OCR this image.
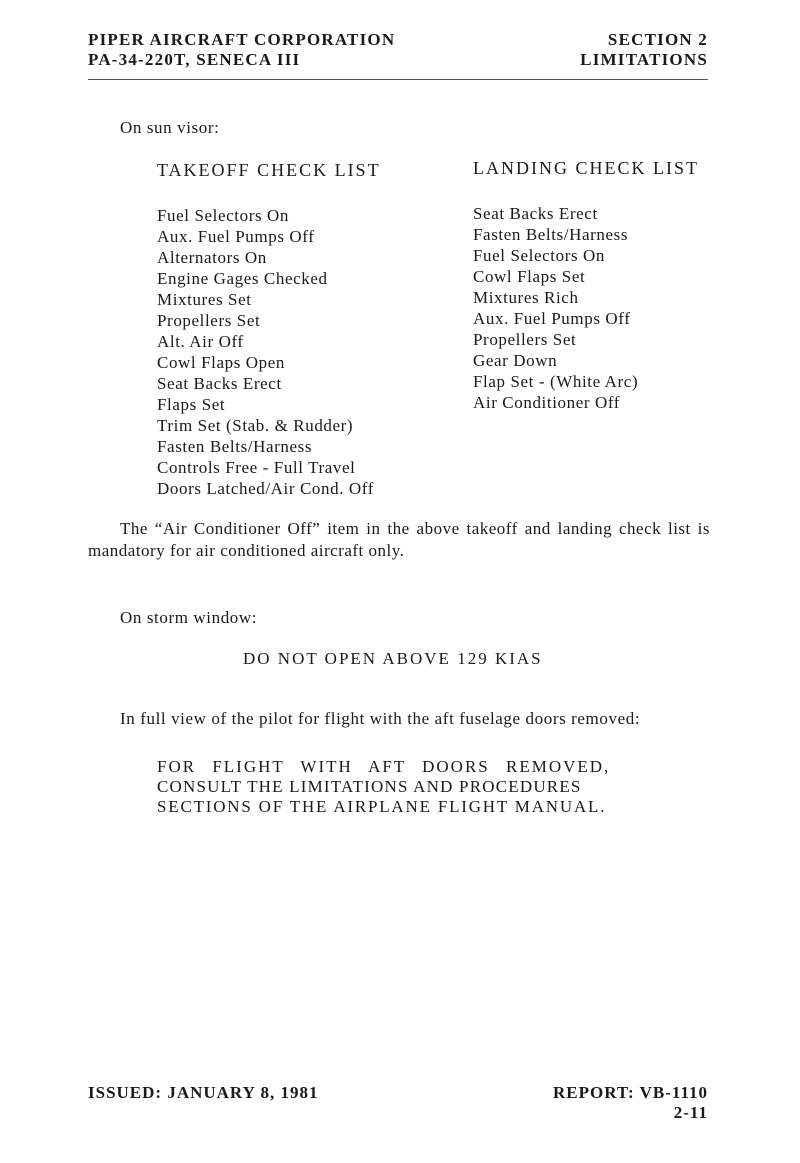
PIPER AIRCRAFT CORPORATION
PA-34-220T, SENECA III
SECTION 2
LIMITATIONS
On sun visor:
TAKEOFF CHECK LIST
Fuel Selectors On
Aux. Fuel Pumps Off
Alternators On
Engine Gages Checked
Mixtures Set
Propellers Set
Alt. Air Off
Cowl Flaps Open
Seat Backs Erect
Flaps Set
Trim Set (Stab. & Rudder)
Fasten Belts/Harness
Controls Free - Full Travel
Doors Latched/Air Cond. Off
LANDING CHECK LIST
Seat Backs Erect
Fasten Belts/Harness
Fuel Selectors On
Cowl Flaps Set
Mixtures Rich
Aux. Fuel Pumps Off
Propellers Set
Gear Down
Flap Set - (White Arc)
Air Conditioner Off
The “Air Conditioner Off” item in the above takeoff and landing check list is mandatory for air conditioned aircraft only.
On storm window:
DO NOT OPEN ABOVE 129 KIAS
In full view of the pilot for flight with the aft fuselage doors removed:
FOR FLIGHT WITH AFT DOORS REMOVED,
CONSULT THE LIMITATIONS AND PROCEDURES
SECTIONS OF THE AIRPLANE FLIGHT MANUAL.
ISSUED: JANUARY 8, 1981	REPORT: VB-1110
2-11
